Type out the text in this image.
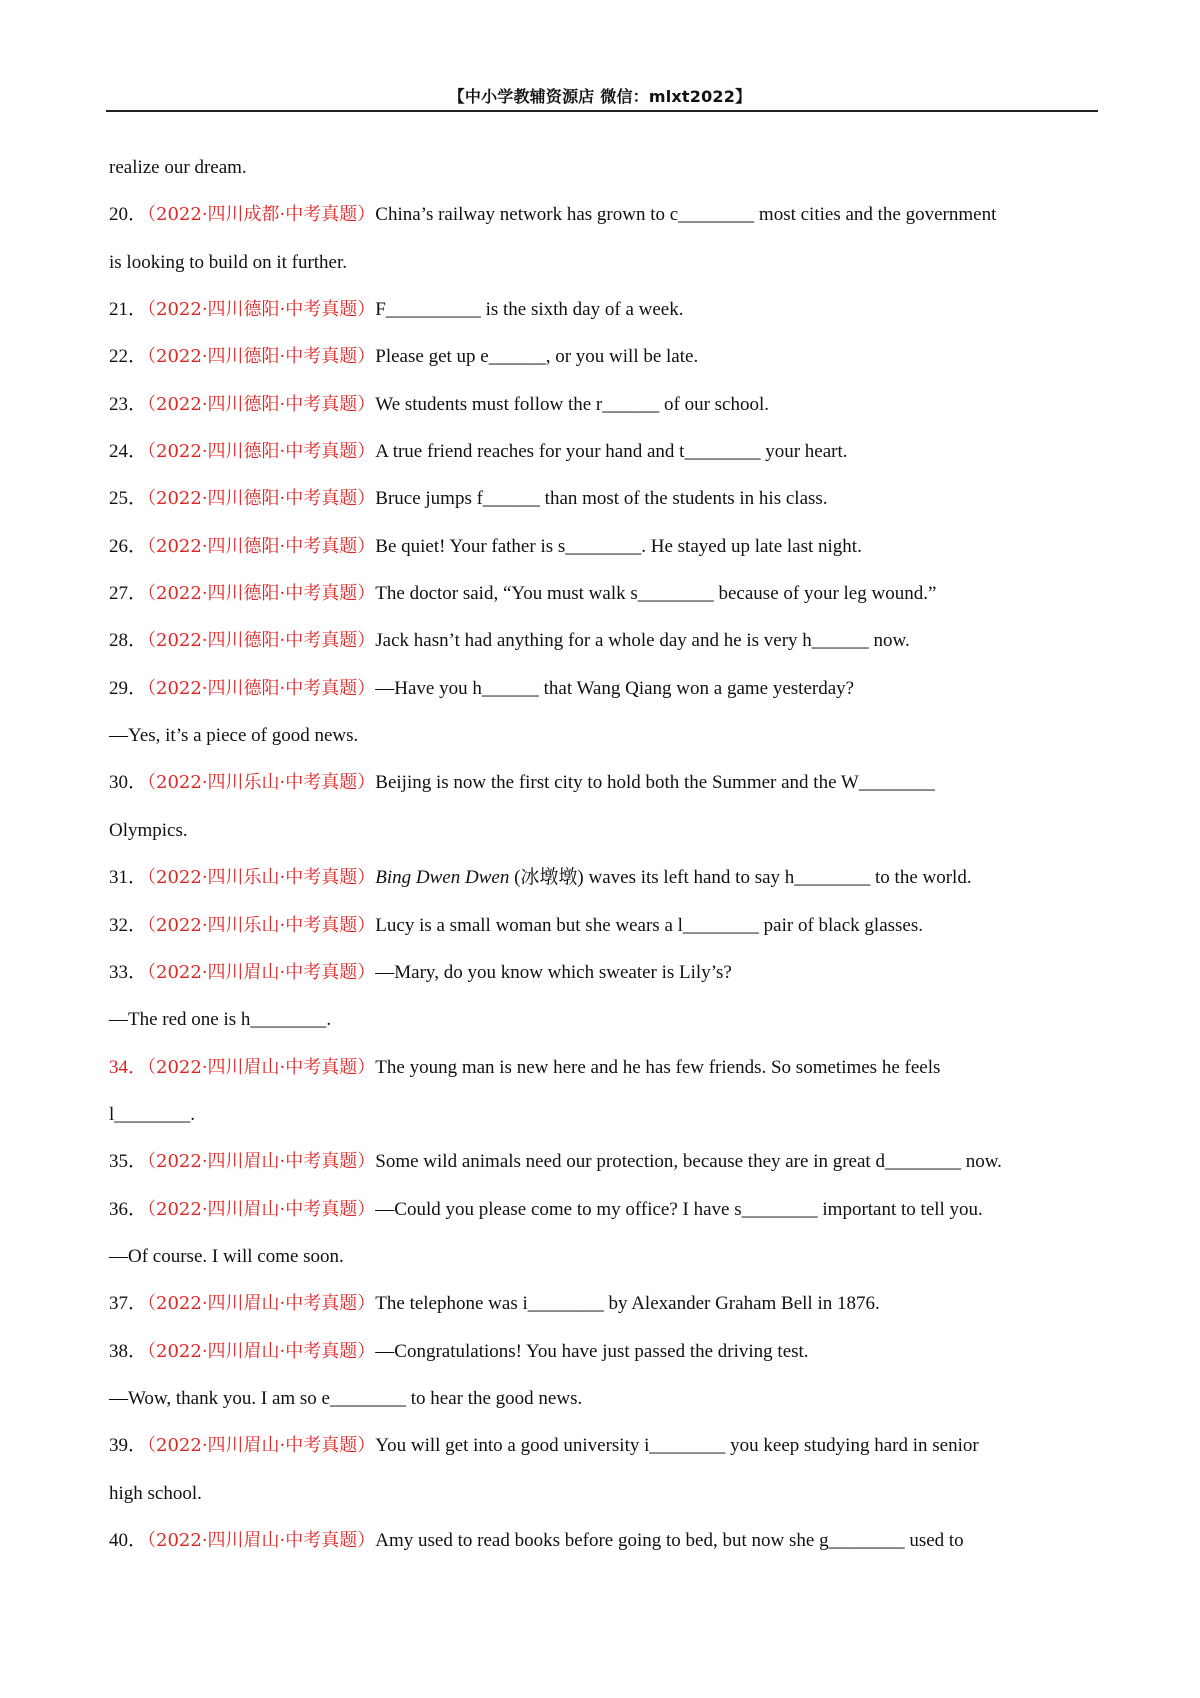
【中小学教辅资源店 微信：mlxt2022】
realize our dream.
20．（2022·四川成都·中考真题）China’s railway network has grown to c________ most cities and the government
is looking to build on it further.
21．（2022·四川德阳·中考真题）F__________ is the sixth day of a week.
22．（2022·四川德阳·中考真题）Please get up e______, or you will be late.
23．（2022·四川德阳·中考真题）We students must follow the r______ of our school.
24．（2022·四川德阳·中考真题）A true friend reaches for your hand and t________ your heart.
25．（2022·四川德阳·中考真题）Bruce jumps f______ than most of the students in his class.
26．（2022·四川德阳·中考真题）Be quiet! Your father is s________. He stayed up late last night.
27．（2022·四川德阳·中考真题）The doctor said, “You must walk s________ because of your leg wound.”
28．（2022·四川德阳·中考真题）Jack hasn’t had anything for a whole day and he is very h______ now.
29．（2022·四川德阳·中考真题）—Have you h______ that Wang Qiang won a game yesterday?
—Yes, it’s a piece of good news.
30．（2022·四川乐山·中考真题）Beijing is now the first city to hold both the Summer and the W________
Olympics.
31．（2022·四川乐山·中考真题）Bing Dwen Dwen (冰墩墩) waves its left hand to say h________ to the world.
32．（2022·四川乐山·中考真题）Lucy is a small woman but she wears a l________ pair of black glasses.
33．（2022·四川眉山·中考真题）—Mary, do you know which sweater is Lily’s?
—The red one is h________.
34．（2022·四川眉山·中考真题）The young man is new here and he has few friends. So sometimes he feels
l________.
35．（2022·四川眉山·中考真题）Some wild animals need our protection, because they are in great d________ now.
36．（2022·四川眉山·中考真题）—Could you please come to my office? I have s________ important to tell you.
—Of course. I will come soon.
37．（2022·四川眉山·中考真题）The telephone was i________ by Alexander Graham Bell in 1876.
38．（2022·四川眉山·中考真题）—Congratulations! You have just passed the driving test.
—Wow, thank you. I am so e________ to hear the good news.
39．（2022·四川眉山·中考真题）You will get into a good university i________ you keep studying hard in senior
high school.
40．（2022·四川眉山·中考真题）Amy used to read books before going to bed, but now she g________ used to
